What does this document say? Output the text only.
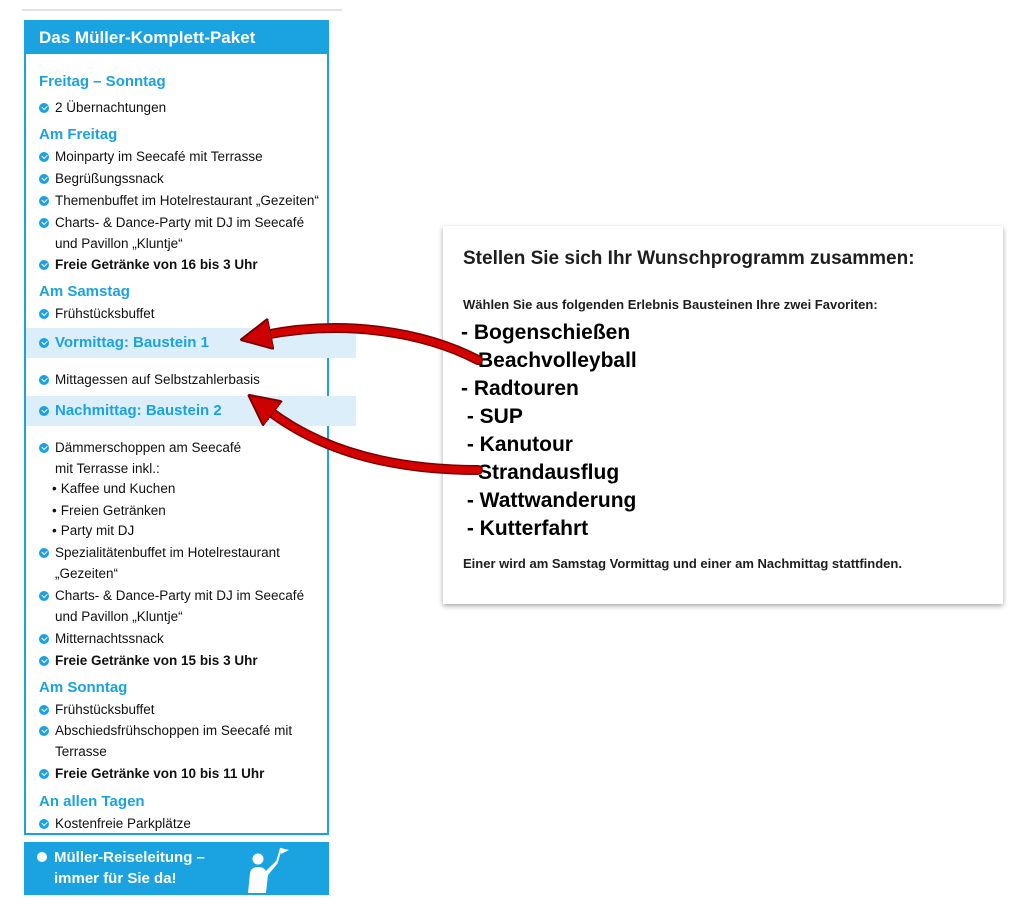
Das Müller-Komplett-Paket
Freitag – Sonntag
2 Übernachtungen
Am Freitag
Moinparty im Seecafé mit Terrasse
Begrüßungssnack
Themenbuffet im Hotelrestaurant „Gezeiten“
Charts- & Dance-Party mit DJ im Seecafé
und Pavillon „Kluntje“
Freie Getränke von 16 bis 3 Uhr
Am Samstag
Frühstücksbuffet
Vormittag: Baustein 1
Mittagessen auf Selbstzahlerbasis
Nachmittag: Baustein 2
Dämmerschoppen am Seecafé
mit Terrasse inkl.:
• Kaffee und Kuchen
• Freien Getränken
• Party mit DJ
Spezialitätenbuffet im Hotelrestaurant
„Gezeiten“
Charts- & Dance-Party mit DJ im Seecafé
und Pavillon „Kluntje“
Mitternachtssnack
Freie Getränke von 15 bis 3 Uhr
Am Sonntag
Frühstücksbuffet
Abschiedsfrühschoppen im Seecafé mit
Terrasse
Freie Getränke von 10 bis 11 Uhr
An allen Tagen
Kostenfreie Parkplätze
Müller-Reiseleitung –
immer für Sie da!
Stellen Sie sich Ihr Wunschprogramm zusammen:
Wählen Sie aus folgenden Erlebnis Bausteinen Ihre zwei Favoriten:
- Bogenschießen
Beachvolleyball
- Radtouren
- SUP
- Kanutour
Strandausflug
- Wattwanderung
- Kutterfahrt
Einer wird am Samstag Vormittag und einer am Nachmittag stattfinden.
